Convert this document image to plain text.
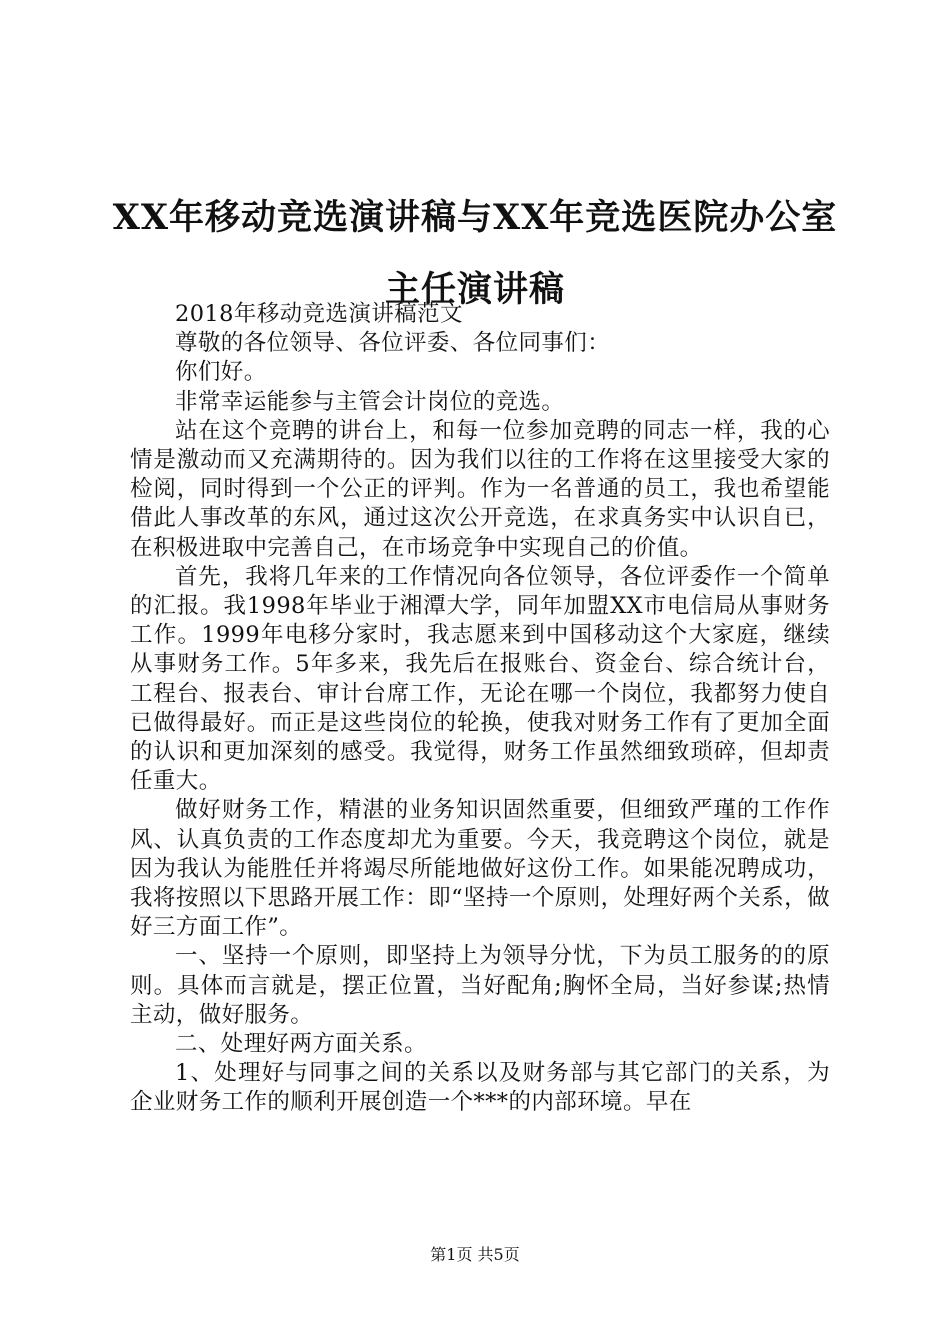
XX年移动竞选演讲稿与XX年竞选医院办公室
主任演讲稿

2018年移动竞选演讲稿范文

尊敬的各位领导、各位评委、各位同事们：

你们好。

非常幸运能参与主管会计岗位的竞选。

站在这个竞聘的讲台上，和每一位参加竞聘的同志一样，我的心情是激动而又充满期待的。因为我们以往的工作将在这里接受大家的检阅，同时得到一个公正的评判。作为一名普通的员工，我也希望能借此人事改革的东风，通过这次公开竞选，在求真务实中认识自已，在积极进取中完善自己，在市场竞争中实现自己的价值。

首先，我将几年来的工作情况向各位领导，各位评委作一个简单的汇报。我1998年毕业于湘潭大学，同年加盟XX市电信局从事财务工作。1999年电移分家时，我志愿来到中国移动这个大家庭，继续从事财务工作。5年多来，我先后在报账台、资金台、综合统计台，工程台、报表台、审计台席工作，无论在哪一个岗位，我都努力使自已做得最好。而正是这些岗位的轮换，使我对财务工作有了更加全面的认识和更加深刻的感受。我觉得，财务工作虽然细致琐碎，但却责任重大。

做好财务工作，精湛的业务知识固然重要，但细致严瑾的工作作风、认真负责的工作态度却尤为重要。今天，我竞聘这个岗位，就是因为我认为能胜任并将竭尽所能地做好这份工作。如果能况聘成功，我将按照以下思路开展工作：即“坚持一个原则，处理好两个关系，做好三方面工作”。

一、坚持一个原则，即坚持上为领导分忧，下为员工服务的的原则。具体而言就是，摆正位置，当好配角;胸怀全局，当好参谋;热情主动，做好服务。

二、处理好两方面关系。

1、处理好与同事之间的关系以及财务部与其它部门的关系，为企业财务工作的顺利开展创造一个***的内部环境。早在

第1页 共5页
